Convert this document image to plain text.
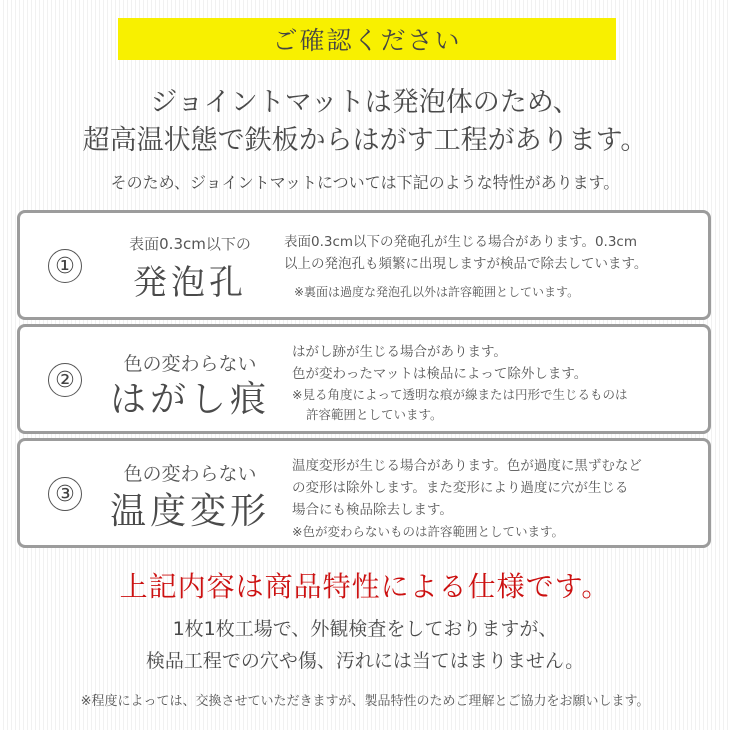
ご確認ください
ジョイントマットは発泡体のため、
超高温状態で鉄板からはがす工程があります。
そのため、ジョイントマットについては下記のような特性があります。
①
表面0.3cm以下の
発泡孔
表面0.3cm以下の発砲孔が生じる場合があります。0.3cm
以上の発泡孔も頻繁に出現しますが検品で除去しています。
※裏面は過度な発泡孔以外は許容範囲としています。
②
色の変わらない
はがし痕
はがし跡が生じる場合があります。
色が変わったマットは検品によって除外します。
※見る角度によって透明な痕が線または円形で生じるものは
許容範囲としています。
③
色の変わらない
温度変形
温度変形が生じる場合があります。色が過度に黒ずむなど
の変形は除外します。また変形により過度に穴が生じる
場合にも検品除去します。
※色が変わらないものは許容範囲としています。
上記内容は商品特性による仕様です。
1枚1枚工場で、外観検査をしておりますが、
検品工程での穴や傷、汚れには当てはまりません。
※程度によっては、交換させていただきますが、製品特性のためご理解とご協力をお願いします。
